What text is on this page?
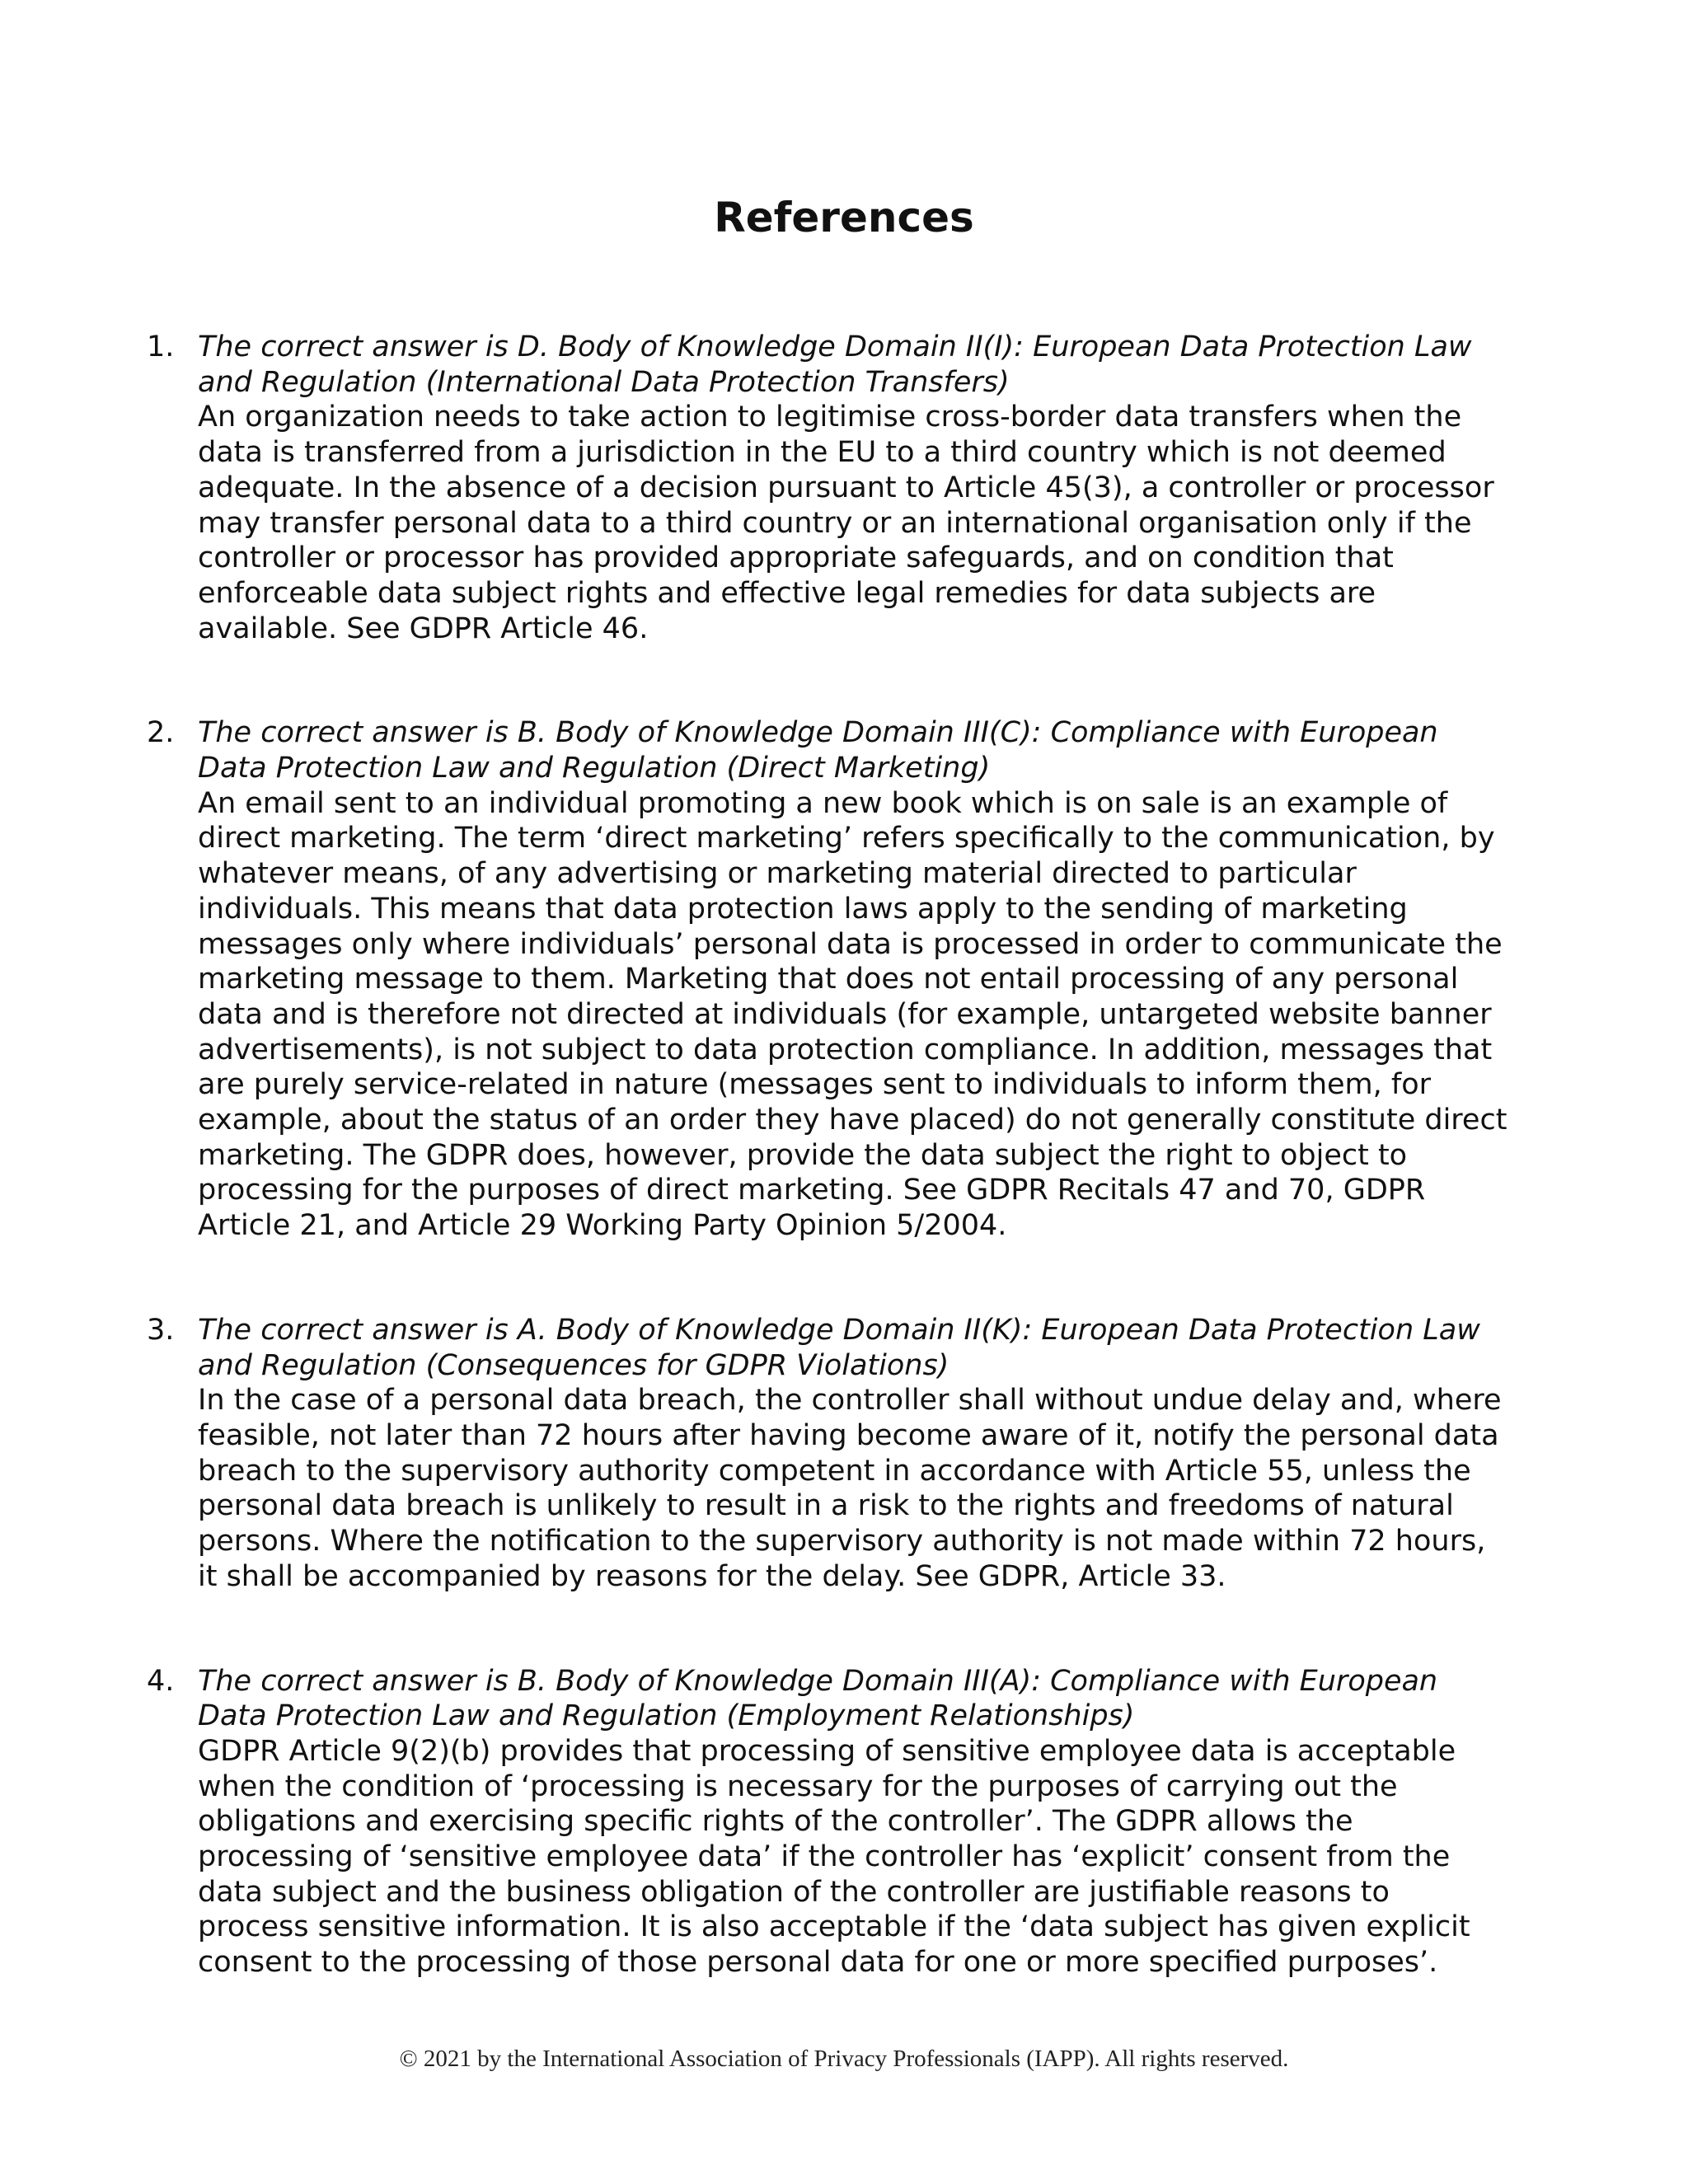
References
1. The correct answer is D. Body of Knowledge Domain II(I): European Data Protection Law and Regulation (International Data Protection Transfers)
An organization needs to take action to legitimise cross-border data transfers when the data is transferred from a jurisdiction in the EU to a third country which is not deemed adequate. In the absence of a decision pursuant to Article 45(3), a controller or processor may transfer personal data to a third country or an international organisation only if the controller or processor has provided appropriate safeguards, and on condition that enforceable data subject rights and effective legal remedies for data subjects are available. See GDPR Article 46.
2. The correct answer is B. Body of Knowledge Domain III(C): Compliance with European Data Protection Law and Regulation (Direct Marketing)
An email sent to an individual promoting a new book which is on sale is an example of direct marketing. The term ‘direct marketing’ refers specifically to the communication, by whatever means, of any advertising or marketing material directed to particular individuals. This means that data protection laws apply to the sending of marketing messages only where individuals’ personal data is processed in order to communicate the marketing message to them. Marketing that does not entail processing of any personal data and is therefore not directed at individuals (for example, untargeted website banner advertisements), is not subject to data protection compliance. In addition, messages that are purely service-related in nature (messages sent to individuals to inform them, for example, about the status of an order they have placed) do not generally constitute direct marketing. The GDPR does, however, provide the data subject the right to object to processing for the purposes of direct marketing. See GDPR Recitals 47 and 70, GDPR Article 21, and Article 29 Working Party Opinion 5/2004.
3. The correct answer is A. Body of Knowledge Domain II(K): European Data Protection Law and Regulation (Consequences for GDPR Violations)
In the case of a personal data breach, the controller shall without undue delay and, where feasible, not later than 72 hours after having become aware of it, notify the personal data breach to the supervisory authority competent in accordance with Article 55, unless the personal data breach is unlikely to result in a risk to the rights and freedoms of natural persons. Where the notification to the supervisory authority is not made within 72 hours, it shall be accompanied by reasons for the delay. See GDPR, Article 33.
4. The correct answer is B. Body of Knowledge Domain III(A): Compliance with European Data Protection Law and Regulation (Employment Relationships)
GDPR Article 9(2)(b) provides that processing of sensitive employee data is acceptable when the condition of ‘processing is necessary for the purposes of carrying out the obligations and exercising specific rights of the controller’. The GDPR allows the processing of ‘sensitive employee data’ if the controller has ‘explicit’ consent from the data subject and the business obligation of the controller are justifiable reasons to process sensitive information. It is also acceptable if the ‘data subject has given explicit consent to the processing of those personal data for one or more specified purposes’.
© 2021 by the International Association of Privacy Professionals (IAPP). All rights reserved.
